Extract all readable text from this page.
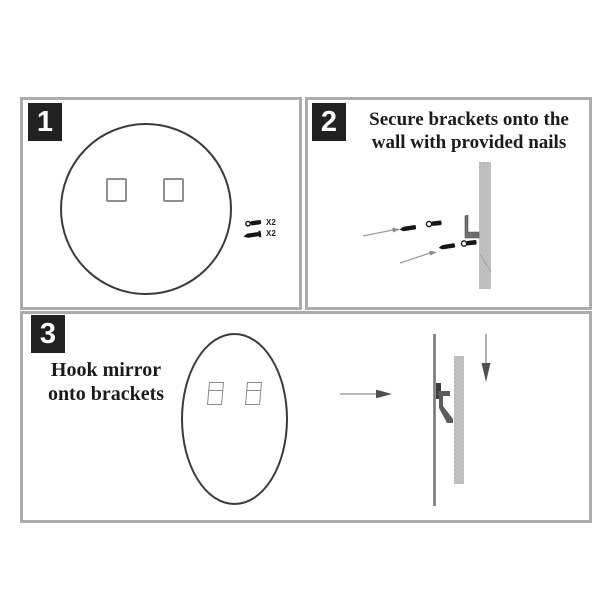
1
X2
X2
2	Secure brackets onto the
wall with provided nails
3
Hook mirror
onto brackets
